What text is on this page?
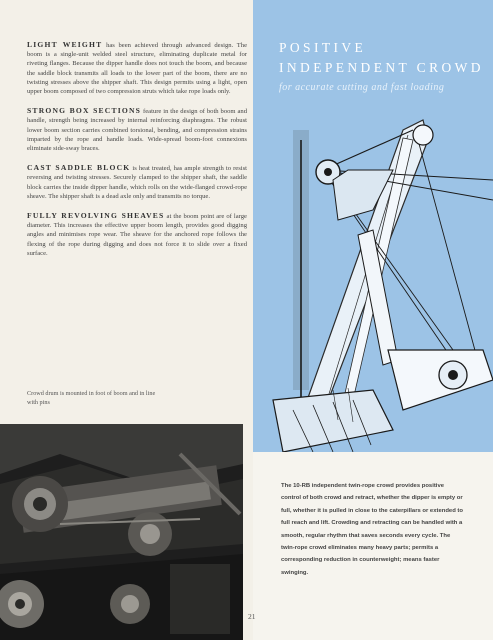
LIGHT WEIGHT has been achieved through advanced design. The boom is a single-unit welded steel structure, eliminating duplicate metal for riveting flanges. Because the dipper handle does not touch the boom, and because the saddle block transmits all loads to the lower part of the boom, there are no twisting stresses above the shipper shaft. This design permits using a light, open upper boom composed of two compression struts which take rope loads only.

STRONG BOX SECTIONS feature in the design of both boom and handle, strength being increased by internal reinforcing diaphragms. The robust lower boom section carries combined torsional, bending, and compression strains imparted by the rope and handle loads. Wide-spread boom-foot connexions eliminate side-sway braces.

CAST SADDLE BLOCK is heat treated, has ample strength to resist reversing and twisting stresses. Securely clamped to the shipper shaft, the saddle block carries the inside dipper handle, which rolls on the wide-flanged crowd-rope sheave. The shipper shaft is a dead axle only and transmits no torque.

FULLY REVOLVING SHEAVES at the boom point are of large diameter. This increases the effective upper boom length, provides good digging angles and minimises rope wear. The sheave for the anchored rope follows the flexing of the rope during digging and does not force it to slide over a fixed surface.

Crowd drum is mounted in foot of boom and in line with pins
POSITIVE
INDEPENDENT CROWD
for accurate cutting and fast loading
The 10-RB independent twin-rope crowd provides positive control of both crowd and retract, whether the dipper is empty or full, whether it is pulled in close to the caterpillars or extended to full reach and lift. Crowding and retracting can be handled with a smooth, regular rhythm that saves seconds every cycle. The twin-rope crowd eliminates many heavy parts; permits a corresponding reduction in counterweight; means faster swinging.
21
